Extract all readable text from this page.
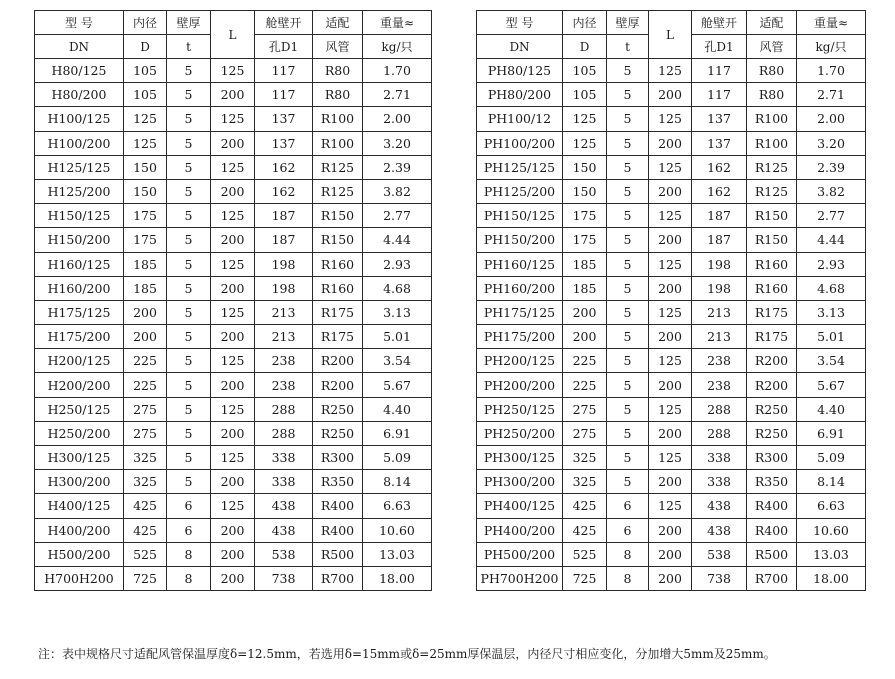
型 号	内径	壁厚	L	舱壁开	适配	重量≈
DN	D	t		孔D1	风管	kg/只
H80/125	105	5	125	117	R80	1.70
H80/200	105	5	200	117	R80	2.71
H100/125	125	5	125	137	R100	2.00
H100/200	125	5	200	137	R100	3.20
H125/125	150	5	125	162	R125	2.39
H125/200	150	5	200	162	R125	3.82
H150/125	175	5	125	187	R150	2.77
H150/200	175	5	200	187	R150	4.44
H160/125	185	5	125	198	R160	2.93
H160/200	185	5	200	198	R160	4.68
H175/125	200	5	125	213	R175	3.13
H175/200	200	5	200	213	R175	5.01
H200/125	225	5	125	238	R200	3.54
H200/200	225	5	200	238	R200	5.67
H250/125	275	5	125	288	R250	4.40
H250/200	275	5	200	288	R250	6.91
H300/125	325	5	125	338	R300	5.09
H300/200	325	5	200	338	R350	8.14
H400/125	425	6	125	438	R400	6.63
H400/200	425	6	200	438	R400	10.60
H500/200	525	8	200	538	R500	13.03
H700H200	725	8	200	738	R700	18.00
型 号	内径	壁厚	L	舱壁开	适配	重量≈
DN	D	t		孔D1	风管	kg/只
PH80/125	105	5	125	117	R80	1.70
PH80/200	105	5	200	117	R80	2.71
PH100/12	125	5	125	137	R100	2.00
PH100/200	125	5	200	137	R100	3.20
PH125/125	150	5	125	162	R125	2.39
PH125/200	150	5	200	162	R125	3.82
PH150/125	175	5	125	187	R150	2.77
PH150/200	175	5	200	187	R150	4.44
PH160/125	185	5	125	198	R160	2.93
PH160/200	185	5	200	198	R160	4.68
PH175/125	200	5	125	213	R175	3.13
PH175/200	200	5	200	213	R175	5.01
PH200/125	225	5	125	238	R200	3.54
PH200/200	225	5	200	238	R200	5.67
PH250/125	275	5	125	288	R250	4.40
PH250/200	275	5	200	288	R250	6.91
PH300/125	325	5	125	338	R300	5.09
PH300/200	325	5	200	338	R350	8.14
PH400/125	425	6	125	438	R400	6.63
PH400/200	425	6	200	438	R400	10.60
PH500/200	525	8	200	538	R500	13.03
PH700H200	725	8	200	738	R700	18.00
注：表中规格尺寸适配风管保温厚度δ=12.5mm，若选用δ=15mm或δ=25mm厚保温层，内径尺寸相应变化，分加增大5mm及25mm。
